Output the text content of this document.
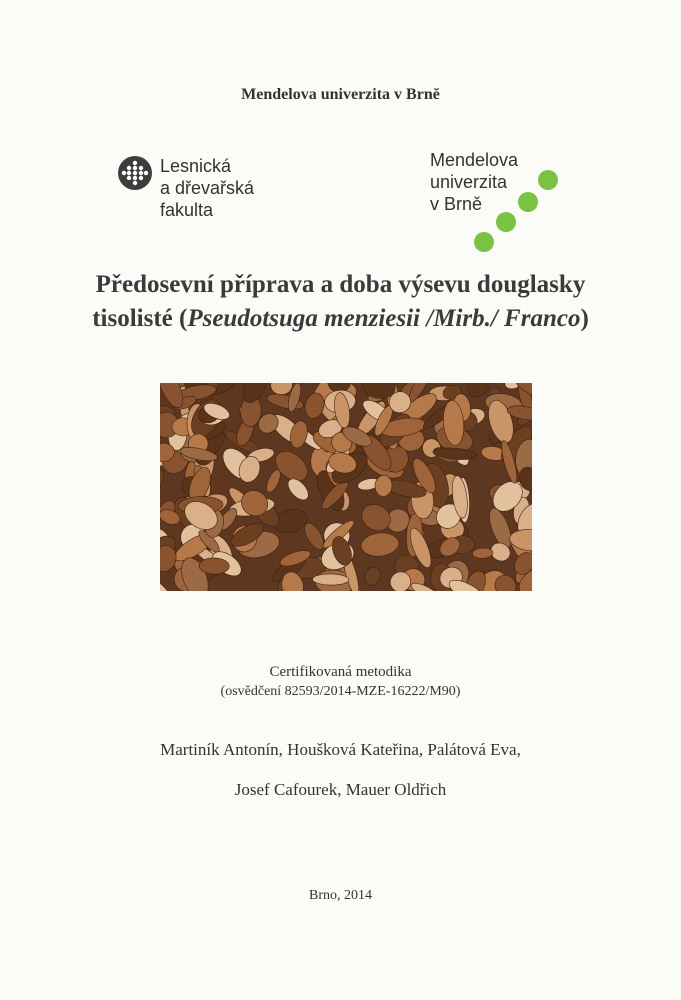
Mendelova univerzita v Brně
Lesnická
a dřevařská
fakulta
Mendelova
univerzita
v Brně
Předosevní příprava a doba výsevu douglasky
tisolisté (Pseudotsuga menziesii /Mirb./ Franco)
Certifikovaná metodika
(osvědčení 82593/2014-MZE-16222/M90)
Martiník Antonín, Houšková Kateřina, Palátová Eva,
Josef Cafourek, Mauer Oldřich
Brno, 2014
